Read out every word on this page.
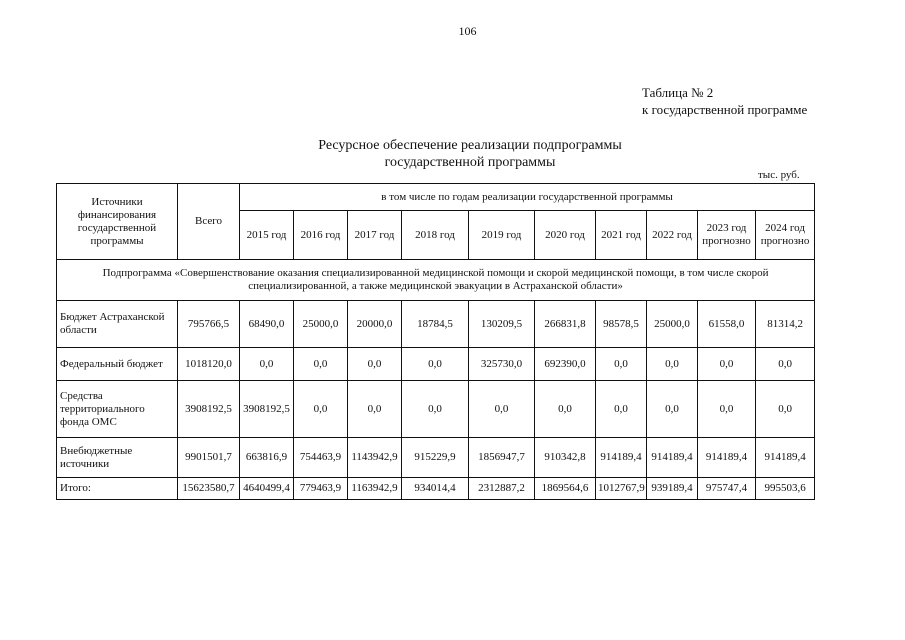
106
Таблица № 2
к государственной программе
Ресурсное обеспечение реализации подпрограммы
государственной программы
тыс. руб.
Источники финансирования государственной программы	Всего	в том числе по годам реализации государственной программы									
		2015 год	2016 год	2017 год	2018 год	2019 год	2020 год	2021 год	2022 год	2023 год прогнозно	2024 год прогнозно
Подпрограмма «Совершенствование оказания специализированной медицинской помощи и скорой медицинской помощи, в том числе скорой специализированной, а также медицинской эвакуации в Астраханской области»											
Бюджет Астраханской области	795766,5	68490,0	25000,0	20000,0	18784,5	130209,5	266831,8	98578,5	25000,0	61558,0	81314,2
Федеральный бюджет	1018120,0	0,0	0,0	0,0	0,0	325730,0	692390,0	0,0	0,0	0,0	0,0
Средства территориального фонда ОМС	3908192,5	3908192,5	0,0	0,0	0,0	0,0	0,0	0,0	0,0	0,0	0,0
Внебюджетные источники	9901501,7	663816,9	754463,9	1143942,9	915229,9	1856947,7	910342,8	914189,4	914189,4	914189,4	914189,4
Итого:	15623580,7	4640499,4	779463,9	1163942,9	934014,4	2312887,2	1869564,6	1012767,9	939189,4	975747,4	995503,6
